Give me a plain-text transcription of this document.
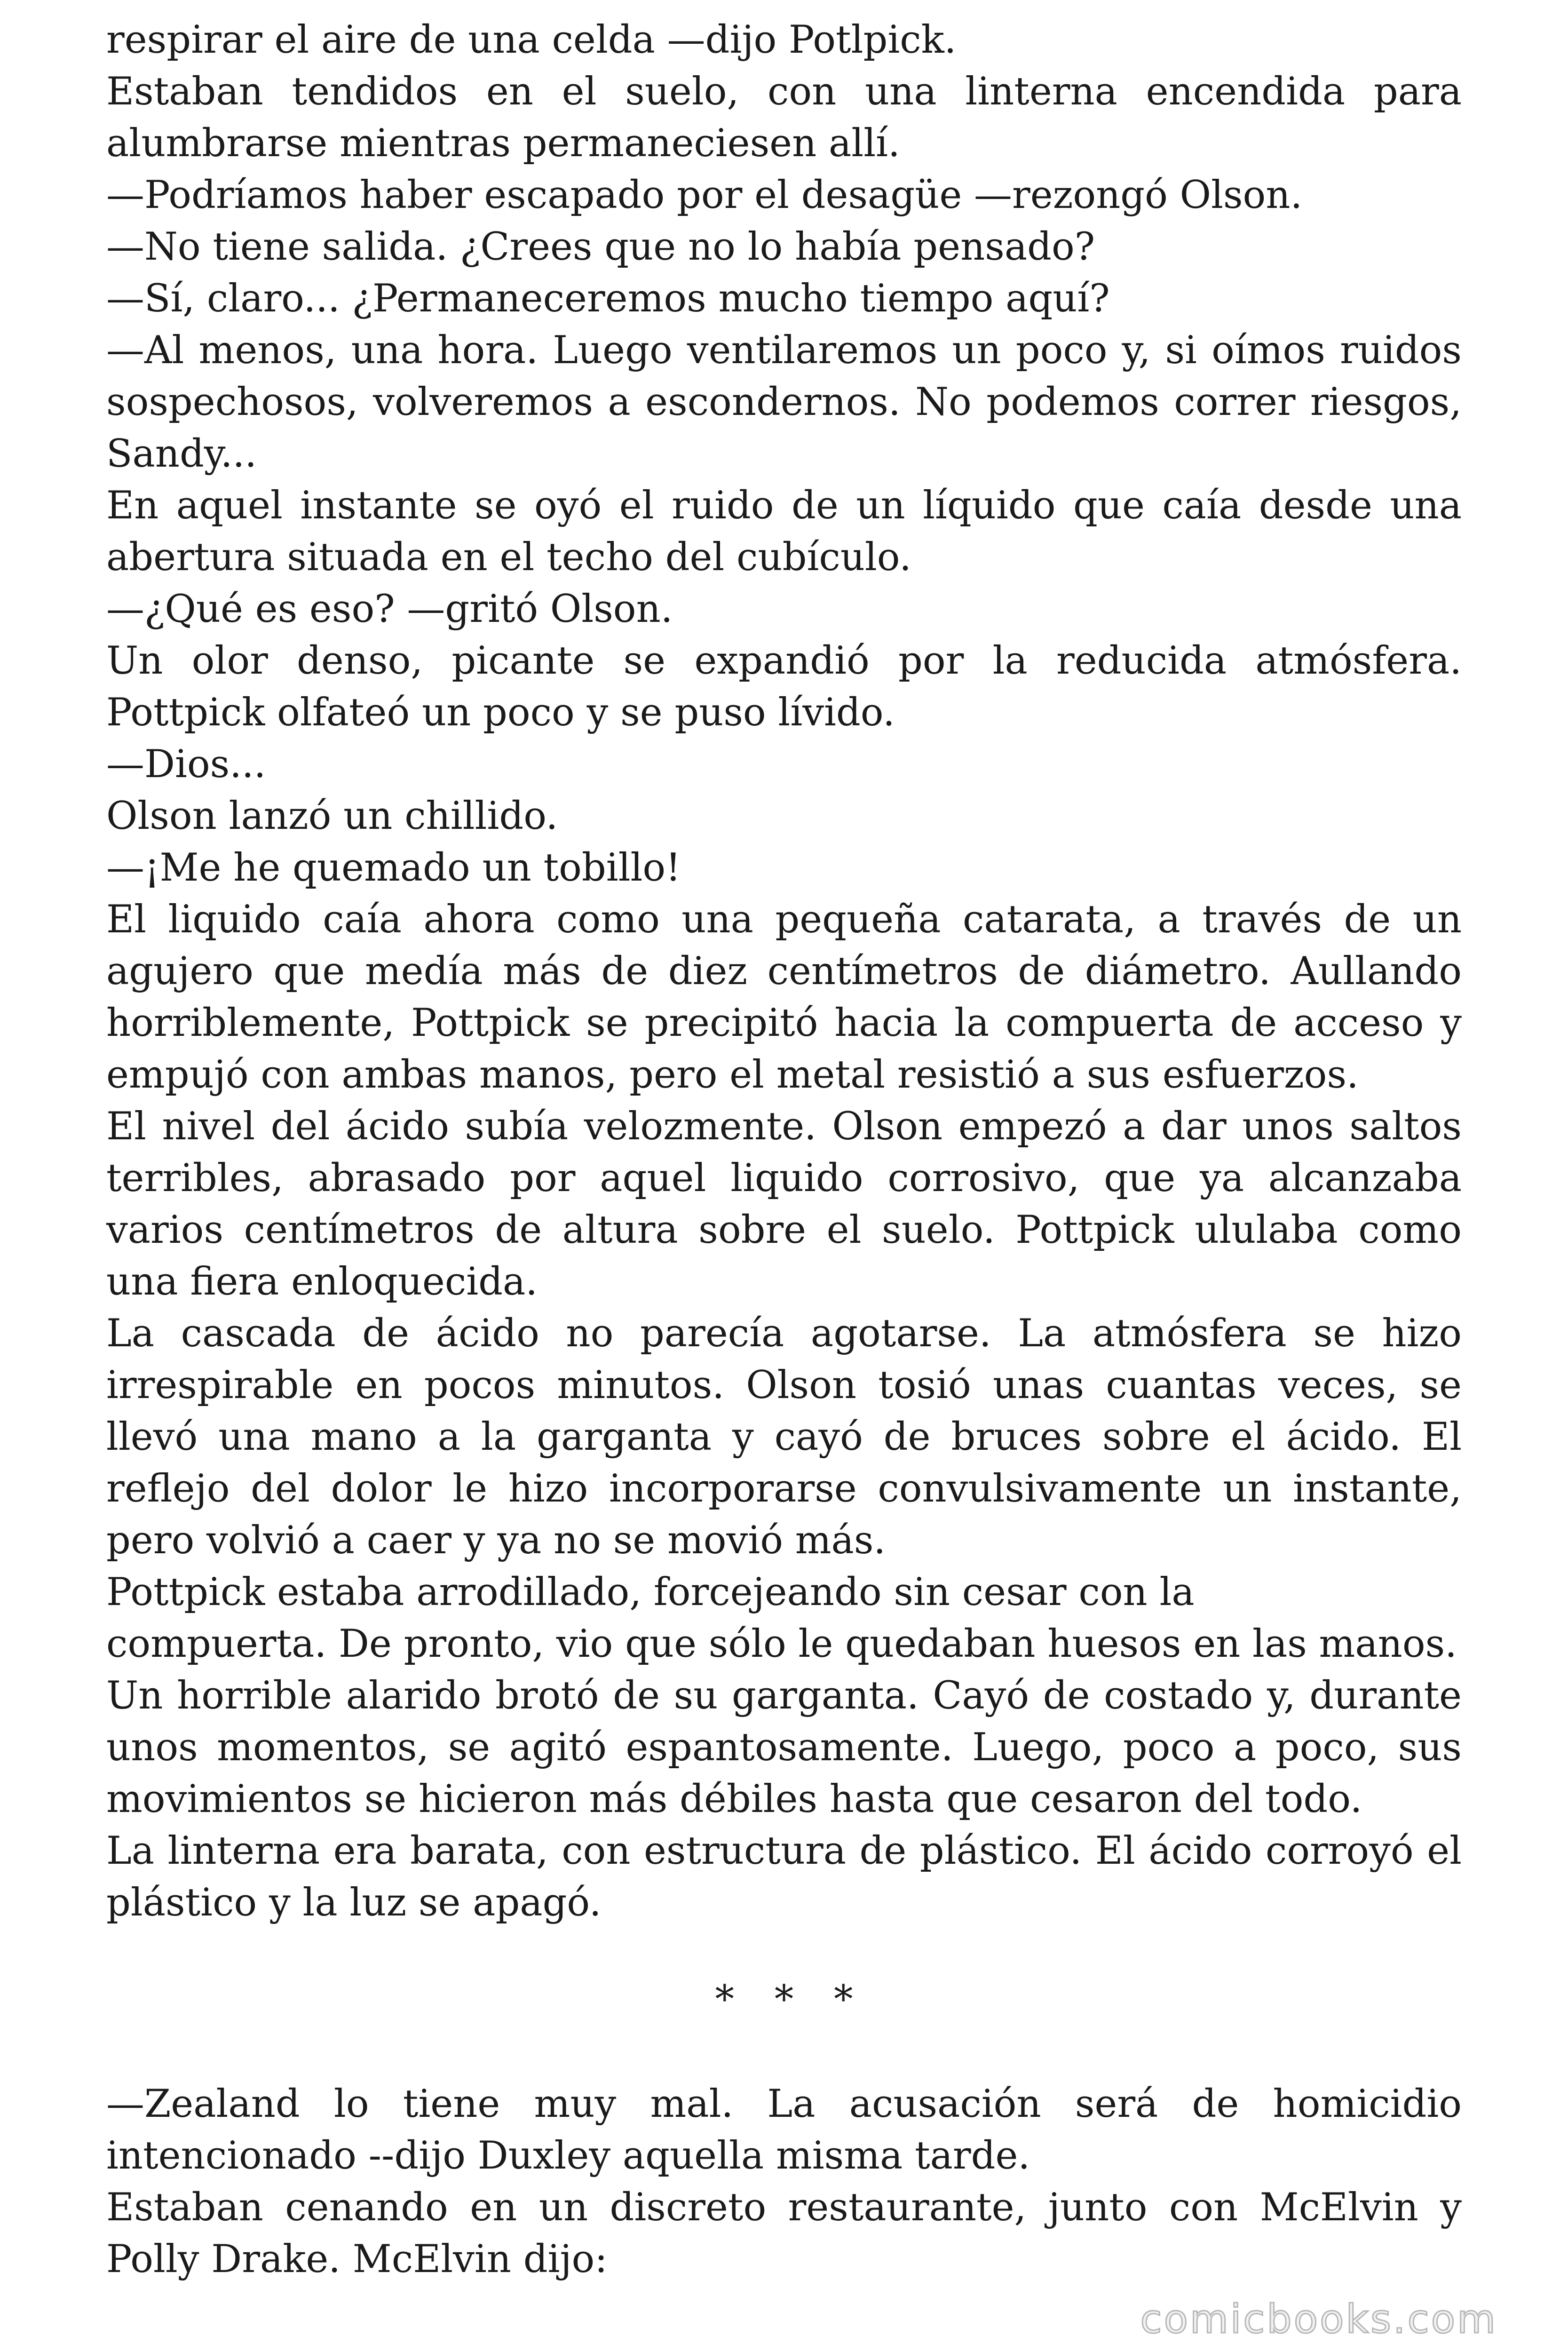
respirar el aire de una celda —dijo Potlpick.

Estaban tendidos en el suelo, con una linterna encendida para alumbrarse mientras permaneciesen allí.

—Podríamos haber escapado por el desagüe —rezongó Olson.

—No tiene salida. ¿Crees que no lo había pensado?

—Sí, claro... ¿Permaneceremos mucho tiempo aquí?

—Al menos, una hora. Luego ventilaremos un poco y, si oímos ruidos sospechosos, volveremos a escondernos. No podemos correr riesgos, Sandy...

En aquel instante se oyó el ruido de un líquido que caía desde una abertura situada en el techo del cubículo.

—¿Qué es eso? —gritó Olson.

Un olor denso, picante se expandió por la reducida atmósfera. Pottpick olfateó un poco y se puso lívido.

—Dios...

Olson lanzó un chillido.

—¡Me he quemado un tobillo!

El liquido caía ahora como una pequeña catarata, a través de un agujero que medía más de diez centímetros de diámetro. Aullando horriblemente, Pottpick se precipitó hacia la compuerta de acceso y empujó con ambas manos, pero el metal resistió a sus esfuerzos.

El nivel del ácido subía velozmente. Olson empezó a dar unos saltos terribles, abrasado por aquel liquido corrosivo, que ya alcanzaba varios centímetros de altura sobre el suelo. Pottpick ululaba como una fiera enloquecida.

La cascada de ácido no parecía agotarse. La atmósfera se hizo irrespirable en pocos minutos. Olson tosió unas cuantas veces, se llevó una mano a la garganta y cayó de bruces sobre el ácido. El reflejo del dolor le hizo incorporarse convulsivamente un instante, pero volvió a caer y ya no se movió más.

Pottpick estaba arrodillado, forcejeando sin cesar con la

compuerta. De pronto, vio que sólo le quedaban huesos en las manos.

Un horrible alarido brotó de su garganta. Cayó de costado y, durante unos momentos, se agitó espantosamente. Luego, poco a poco, sus movimientos se hicieron más débiles hasta que cesaron del todo.

La linterna era barata, con estructura de plástico. El ácido corroyó el plástico y la luz se apagó.

* * *

—Zealand lo tiene muy mal. La acusación será de homicidio intencionado --dijo Duxley aquella misma tarde.

Estaban cenando en un discreto restaurante, junto con McElvin y Polly Drake. McElvin dijo:

comicbooks.com
